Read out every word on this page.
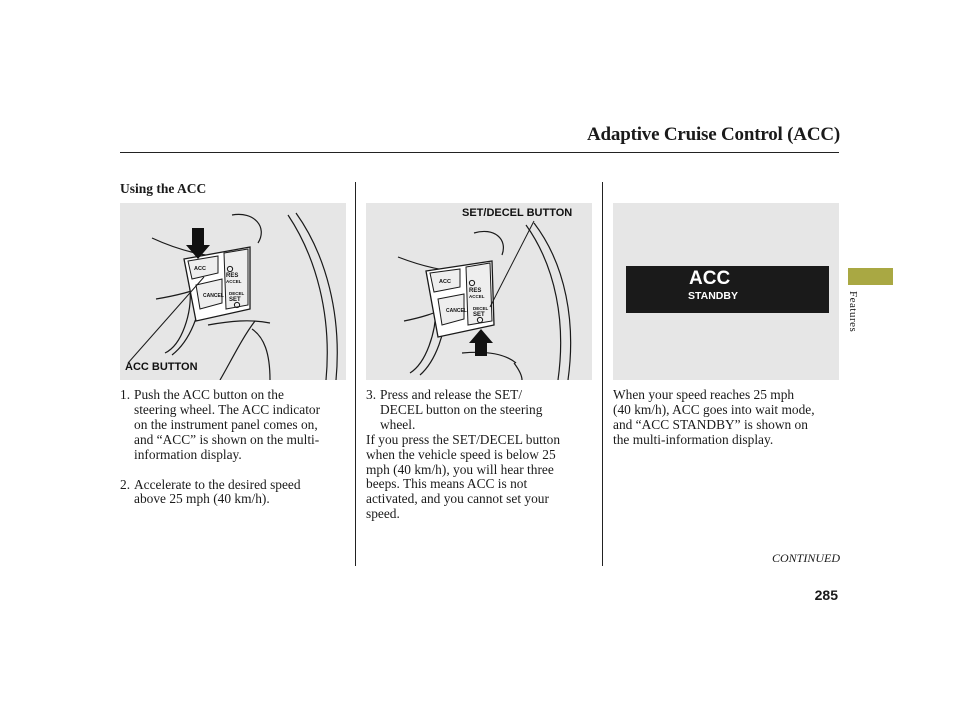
Adaptive Cruise Control (ACC)
Using the ACC
ACC
RES
ACCEL
CANCEL DECEL
SET
ACC BUTTON
ACC
RES
ACCEL
CANCEL DECEL
SET
SET/DECEL BUTTON
ACC
STANDBY
1. Push the ACC button on the
steering wheel. The ACC indicator
on the instrument panel comes on,
and “ACC” is shown on the multi-
information display.
2. Accelerate to the desired speed
above 25 mph (40 km/h).
3. Press and release the SET/
DECEL button on the steering
wheel.
If you press the SET/DECEL button
when the vehicle speed is below 25
mph (40 km/h), you will hear three
beeps. This means ACC is not
activated, and you cannot set your
speed.
When your speed reaches 25 mph
(40 km/h), ACC goes into wait mode,
and “ACC STANDBY” is shown on
the multi-information display.
Features
CONTINUED
285
